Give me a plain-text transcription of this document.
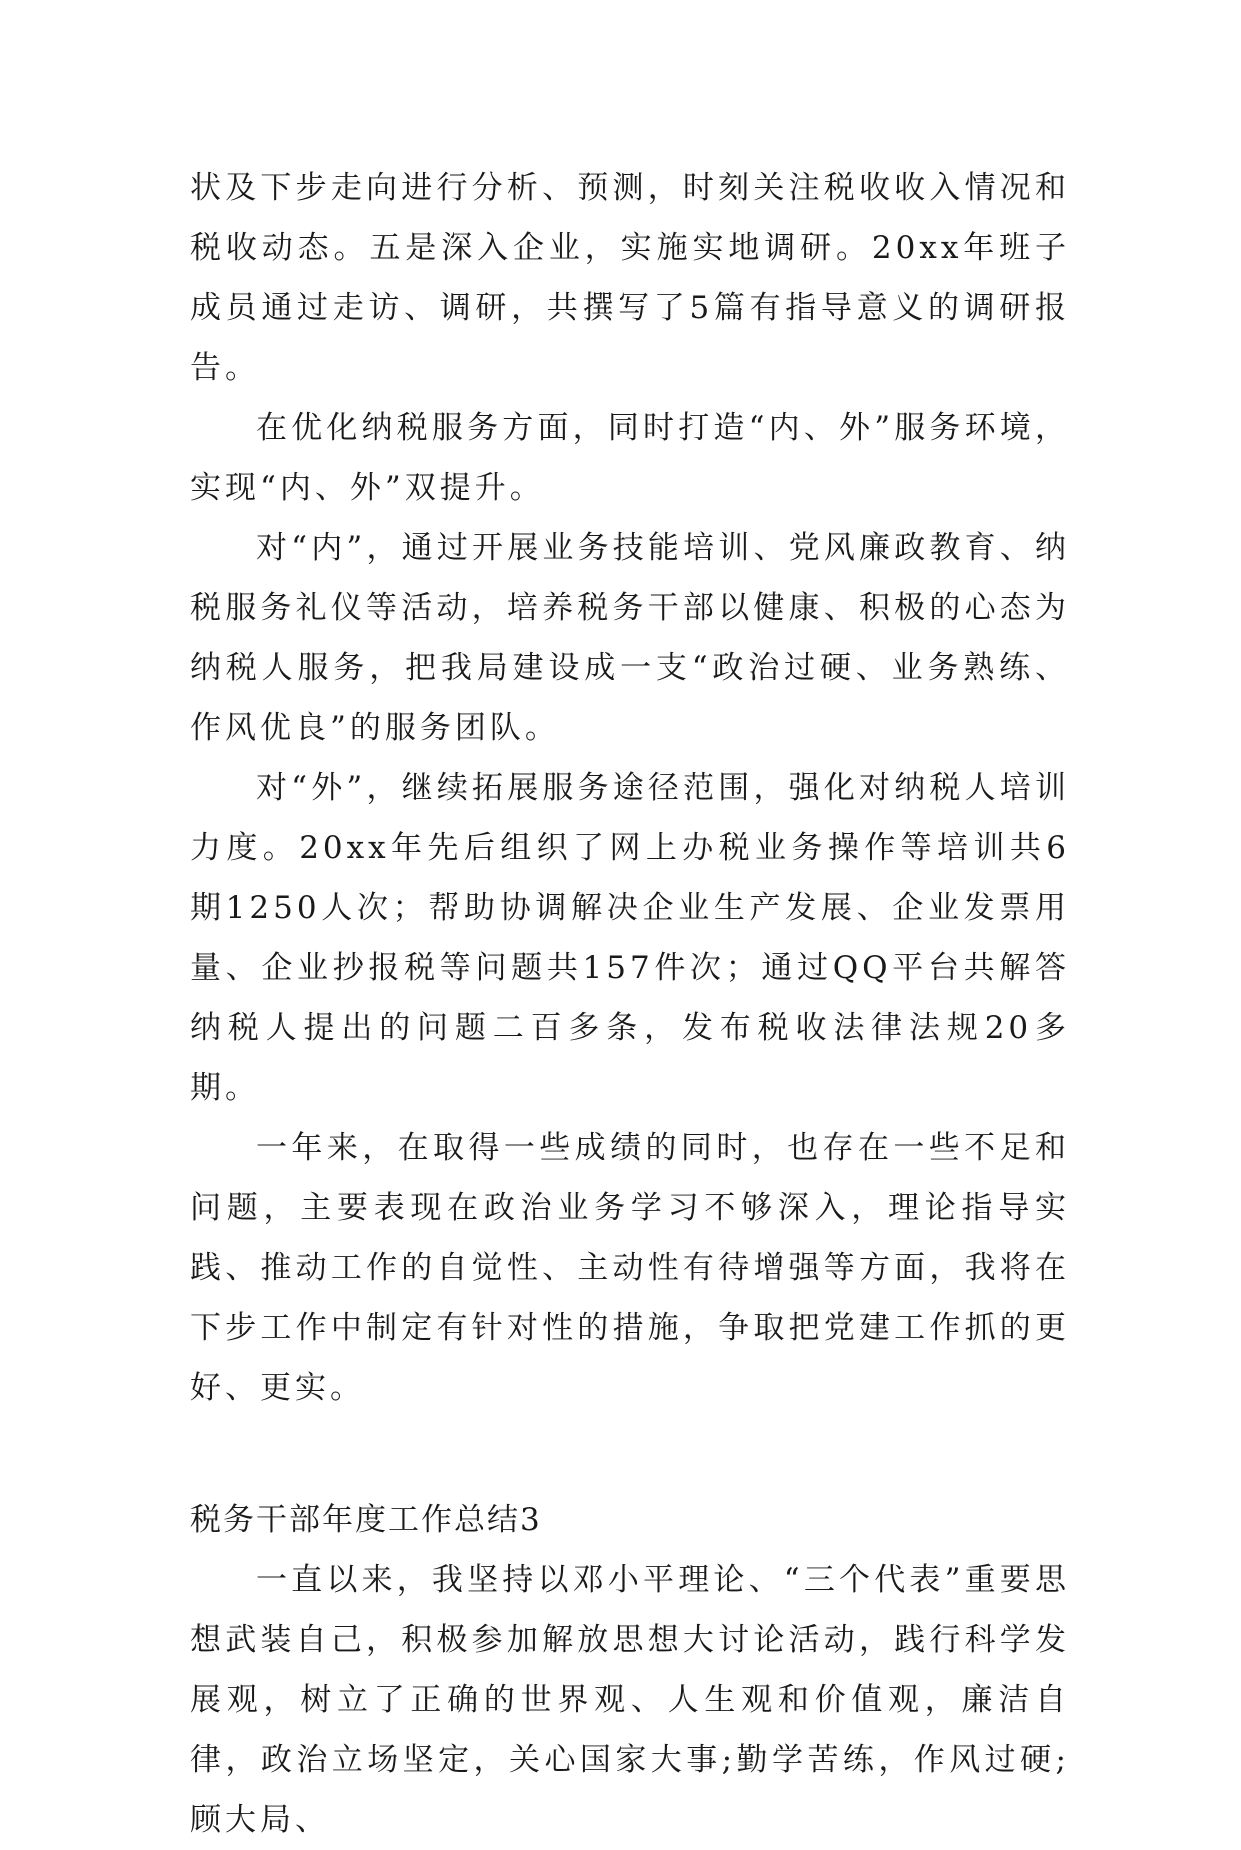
状及下步走向进行分析、预测，时刻关注税收收入情况和税收动态。五是深入企业，实施实地调研。20xx年班子成员通过走访、调研，共撰写了5篇有指导意义的调研报告。

在优化纳税服务方面，同时打造“内、外”服务环境，实现“内、外”双提升。

对“内”，通过开展业务技能培训、党风廉政教育、纳税服务礼仪等活动，培养税务干部以健康、积极的心态为纳税人服务，把我局建设成一支“政治过硬、业务熟练、作风优良”的服务团队。

对“外”，继续拓展服务途径范围，强化对纳税人培训力度。20xx年先后组织了网上办税业务操作等培训共6期1250人次；帮助协调解决企业生产发展、企业发票用量、企业抄报税等问题共157件次；通过QQ平台共解答纳税人提出的问题二百多条，发布税收法律法规20多期。

一年来，在取得一些成绩的同时，也存在一些不足和问题，主要表现在政治业务学习不够深入，理论指导实践、推动工作的自觉性、主动性有待增强等方面，我将在下步工作中制定有针对性的措施，争取把党建工作抓的更好、更实。

税务干部年度工作总结3

一直以来，我坚持以邓小平理论、“三个代表”重要思想武装自己，积极参加解放思想大讨论活动，践行科学发展观，树立了正确的世界观、人生观和价值观，廉洁自律，政治立场坚定，关心国家大事;勤学苦练，作风过硬;顾大局、
